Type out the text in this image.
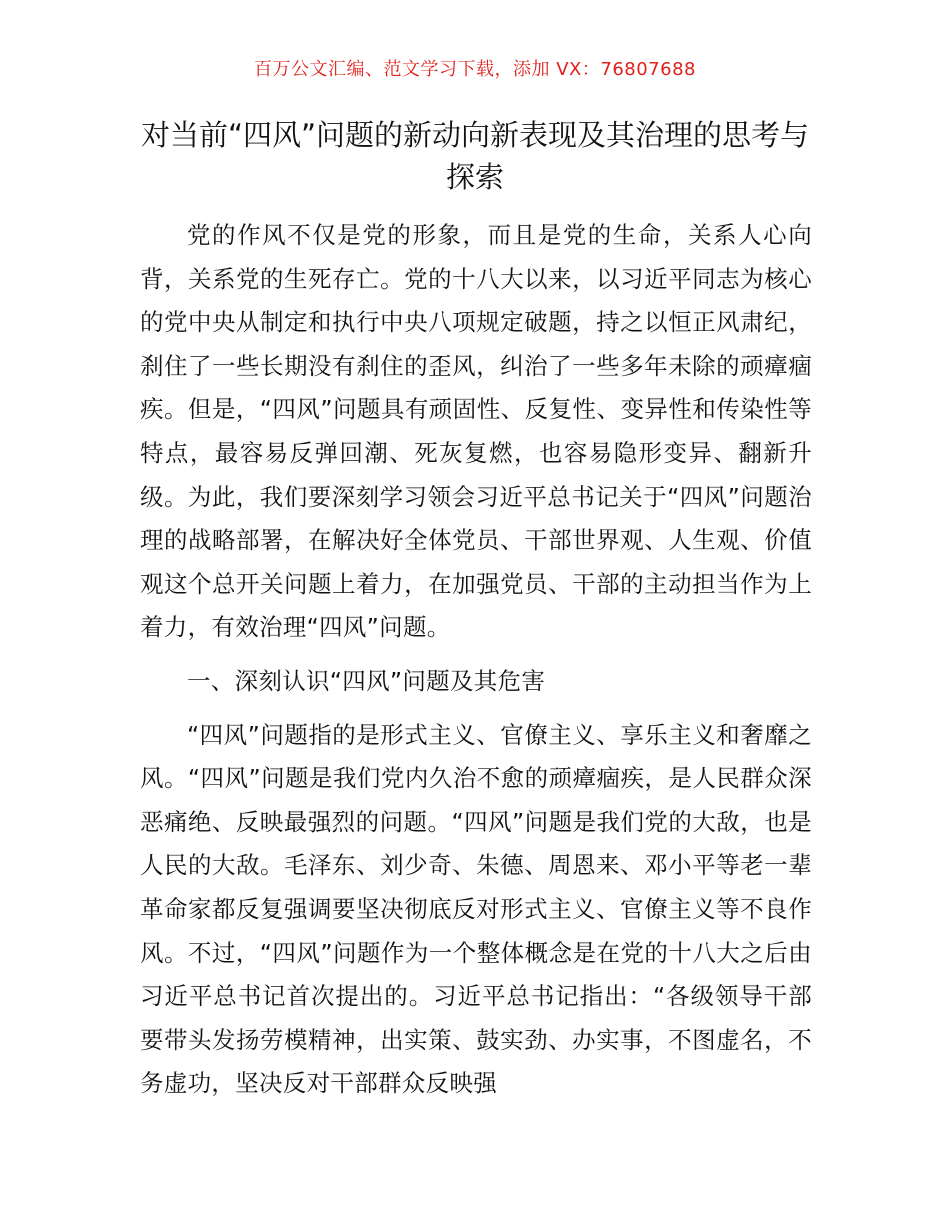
百万公文汇编、范文学习下载，添加 VX：76807688
对当前“四风”问题的新动向新表现及其治理的思考与探索

党的作风不仅是党的形象，而且是党的生命，关系人心向背，关系党的生死存亡。党的十八大以来，以习近平同志为核心的党中央从制定和执行中央八项规定破题，持之以恒正风肃纪，刹住了一些长期没有刹住的歪风，纠治了一些多年未除的顽瘴痼疾。但是，“四风”问题具有顽固性、反复性、变异性和传染性等特点，最容易反弹回潮、死灰复燃，也容易隐形变异、翻新升级。为此，我们要深刻学习领会习近平总书记关于“四风”问题治理的战略部署，在解决好全体党员、干部世界观、人生观、价值观这个总开关问题上着力，在加强党员、干部的主动担当作为上着力，有效治理“四风”问题。

一、深刻认识“四风”问题及其危害

“四风”问题指的是形式主义、官僚主义、享乐主义和奢靡之风。“四风”问题是我们党内久治不愈的顽瘴痼疾，是人民群众深恶痛绝、反映最强烈的问题。“四风”问题是我们党的大敌，也是人民的大敌。毛泽东、刘少奇、朱德、周恩来、邓小平等老一辈革命家都反复强调要坚决彻底反对形式主义、官僚主义等不良作风。不过，“四风”问题作为一个整体概念是在党的十八大之后由习近平总书记首次提出的。习近平总书记指出：“各级领导干部要带头发扬劳模精神，出实策、鼓实劲、办实事，不图虚名，不务虚功，坚决反对干部群众反映强
